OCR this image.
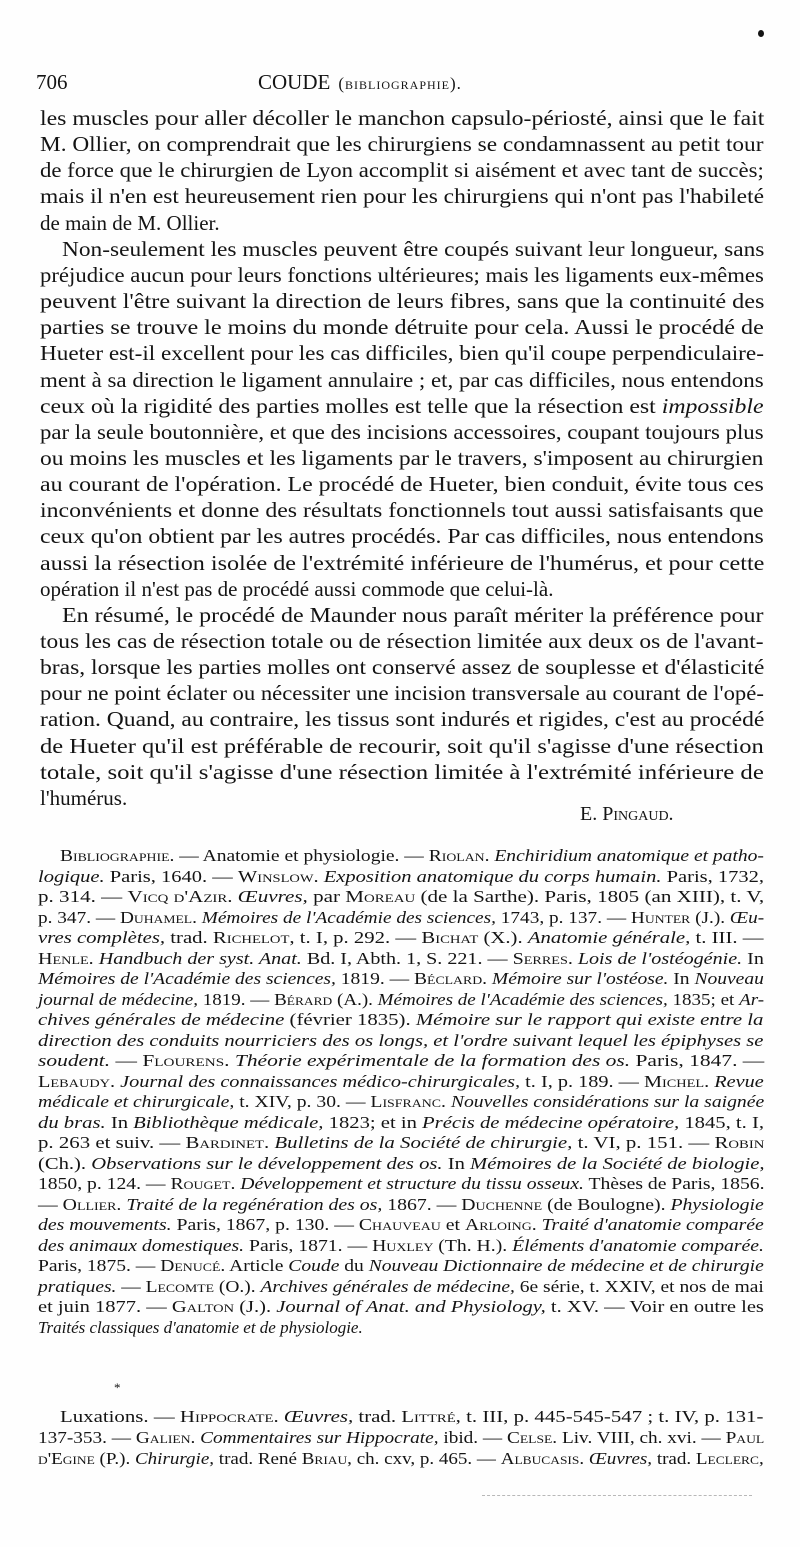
les muscles pour aller décoller le manchon capsulo-périosté, ainsi que le fait
M. Ollier, on comprendrait que les chirurgiens se condamnassent au petit tour
de force que le chirurgien de Lyon accomplit si aisément et avec tant de succès;
mais il n'en est heureusement rien pour les chirurgiens qui n'ont pas l'habileté
de main de M. Ollier.
Non-seulement les muscles peuvent être coupés suivant leur longueur, sans
préjudice aucun pour leurs fonctions ultérieures; mais les ligaments eux-mêmes
peuvent l'être suivant la direction de leurs fibres, sans que la continuité des
parties se trouve le moins du monde détruite pour cela. Aussi le procédé de
Hueter est-il excellent pour les cas difficiles, bien qu'il coupe perpendiculaire-
ment à sa direction le ligament annulaire ; et, par cas difficiles, nous entendons
ceux où la rigidité des parties molles est telle que la résection est impossible
par la seule boutonnière, et que des incisions accessoires, coupant toujours plus
ou moins les muscles et les ligaments par le travers, s'imposent au chirurgien
au courant de l'opération. Le procédé de Hueter, bien conduit, évite tous ces
inconvénients et donne des résultats fonctionnels tout aussi satisfaisants que
ceux qu'on obtient par les autres procédés. Par cas difficiles, nous entendons
aussi la résection isolée de l'extrémité inférieure de l'humérus, et pour cette
opération il n'est pas de procédé aussi commode que celui-là.
En résumé, le procédé de Maunder nous paraît mériter la préférence pour
tous les cas de résection totale ou de résection limitée aux deux os de l'avant-
bras, lorsque les parties molles ont conservé assez de souplesse et d'élasticité
pour ne point éclater ou nécessiter une incision transversale au courant de l'opé-
ration. Quand, au contraire, les tissus sont indurés et rigides, c'est au procédé
de Hueter qu'il est préférable de recourir, soit qu'il s'agisse d'une résection
totale, soit qu'il s'agisse d'une résection limitée à l'extrémité inférieure de
l'humérus.
Bibliographie. — Anatomie et physiologie. — Riolan. Enchiridium anatomique et patho-
logique. Paris, 1640. — Winslow. Exposition anatomique du corps humain. Paris, 1732,
p. 314. — Vicq d'Azir. Œuvres, par Moreau (de la Sarthe). Paris, 1805 (an XIII), t. V,
p. 347. — Duhamel. Mémoires de l'Académie des sciences, 1743, p. 137. — Hunter (J.). Œu-
vres complètes, trad. Richelot, t. I, p. 292. — Bichat (X.). Anatomie générale, t. III. —
Henle. Handbuch der syst. Anat. Bd. I, Abth. 1, S. 221. — Serres. Lois de l'ostéogénie. In
Mémoires de l'Académie des sciences, 1819. — Béclard. Mémoire sur l'ostéose. In Nouveau
journal de médecine, 1819. — Bérard (A.). Mémoires de l'Académie des sciences, 1835; et Ar-
chives générales de médecine (février 1835). Mémoire sur le rapport qui existe entre la
direction des conduits nourriciers des os longs, et l'ordre suivant lequel les épiphyses se
soudent. — Flourens. Théorie expérimentale de la formation des os. Paris, 1847. —
Lebaudy. Journal des connaissances médico-chirurgicales, t. I, p. 189. — Michel. Revue
médicale et chirurgicale, t. XIV, p. 30. — Lisfranc. Nouvelles considérations sur la saignée
du bras. In Bibliothèque médicale, 1823; et in Précis de médecine opératoire, 1845, t. I,
p. 263 et suiv. — Bardinet. Bulletins de la Société de chirurgie, t. VI, p. 151. — Robin
(Ch.). Observations sur le développement des os. In Mémoires de la Société de biologie,
1850, p. 124. — Rouget. Développement et structure du tissu osseux. Thèses de Paris, 1856.
— Ollier. Traité de la regénération des os, 1867. — Duchenne (de Boulogne). Physiologie
des mouvements. Paris, 1867, p. 130. — Chauveau et Arloing. Traité d'anatomie comparée
des animaux domestiques. Paris, 1871. — Huxley (Th. H.). Éléments d'anatomie comparée.
Paris, 1875. — Denucé. Article Coude du Nouveau Dictionnaire de médecine et de chirurgie
pratiques. — Lecomte (O.). Archives générales de médecine, 6e série, t. XXIV, et nos de mai
et juin 1877. — Galton (J.). Journal of Anat. and Physiology, t. XV. — Voir en outre les
Traités classiques d'anatomie et de physiologie.
Luxations. — Hippocrate. Œuvres, trad. Littré, t. III, p. 445-545-547 ; t. IV, p. 131-
137-353. — Galien. Commentaires sur Hippocrate, ibid. — Celse. Liv. VIII, ch. xvi. — Paul
d'Egine (P.). Chirurgie, trad. René Briau, ch. cxv, p. 465. — Albucasis. Œuvres, trad. Leclerc,
*
706	COUDE (bibliographie).
E. Pingaud.
